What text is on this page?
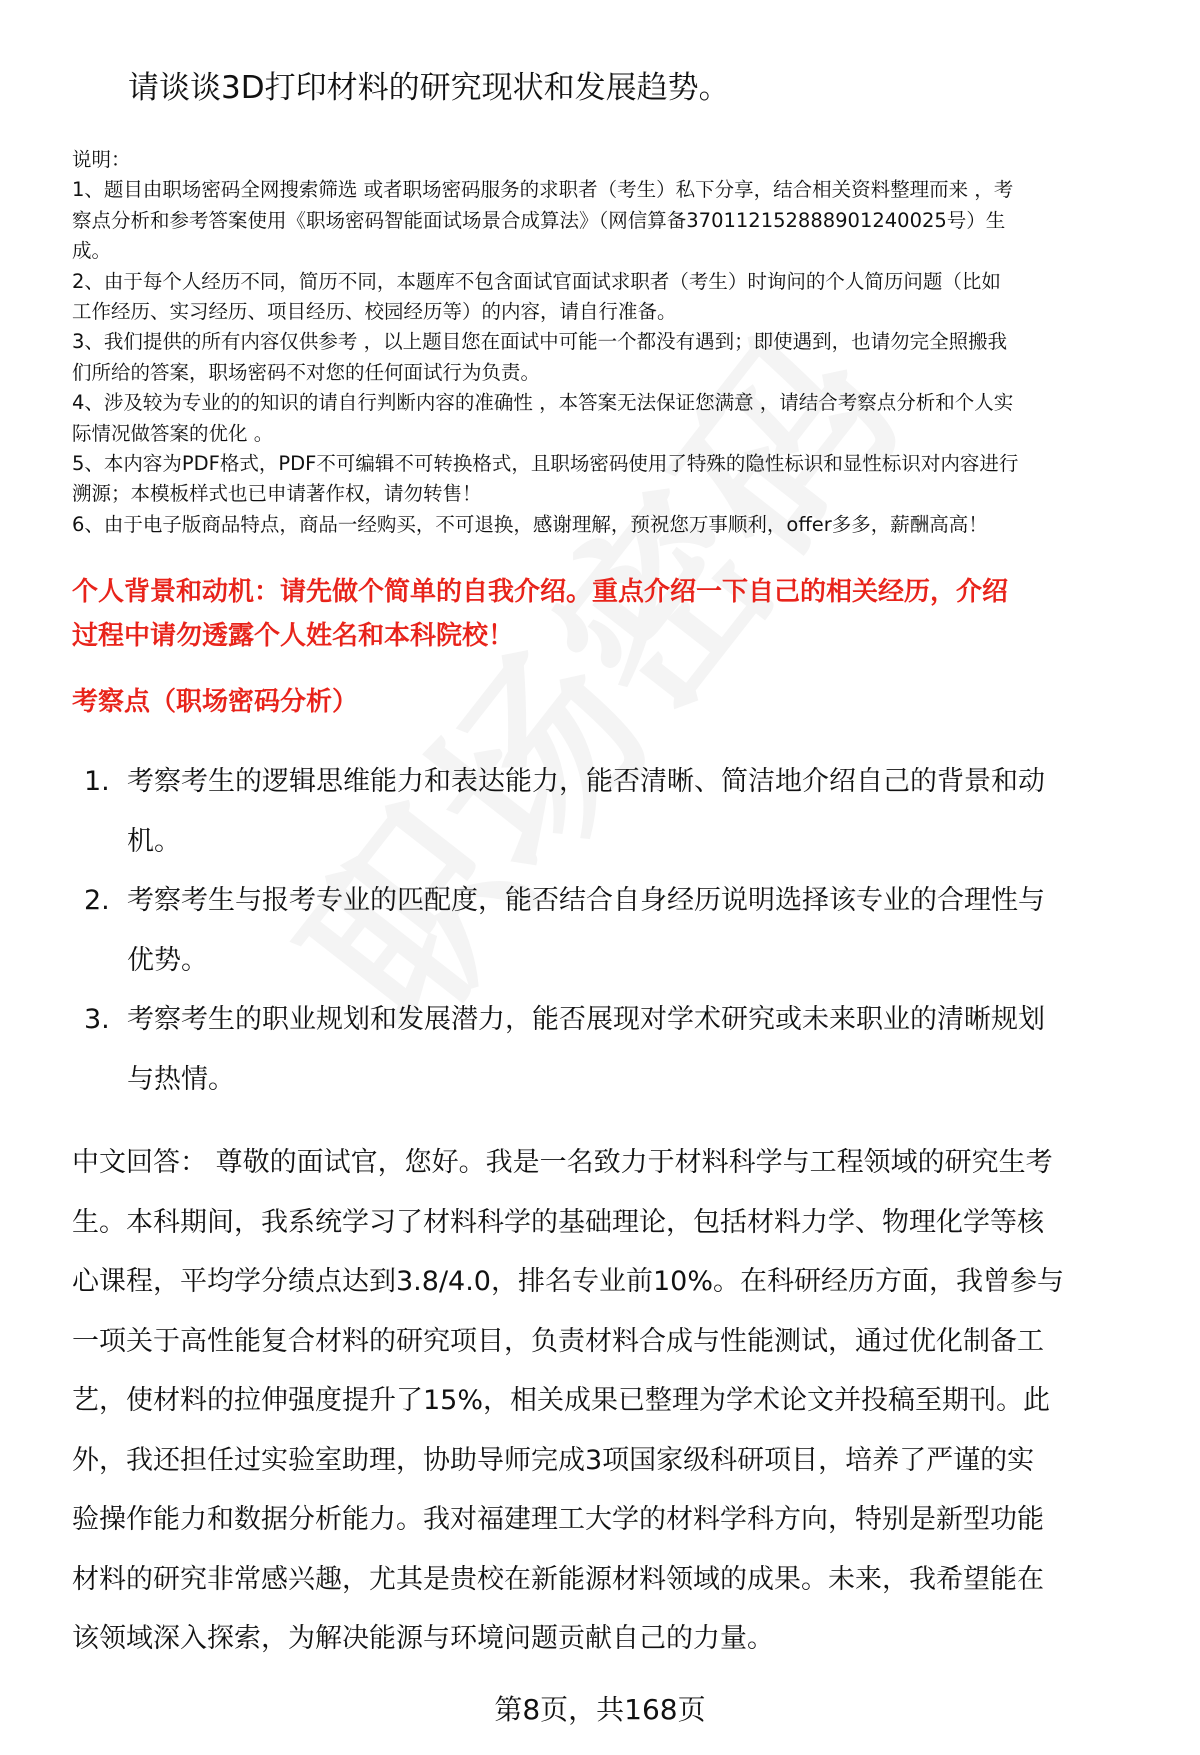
请谈谈3D打印材料的研究现状和发展趋势。
说明：
1、题目由职场密码全网搜索筛选 或者职场密码服务的求职者（考生）私下分享，结合相关资料整理而来 ，考
察点分析和参考答案使用《职场密码智能面试场景合成算法》（网信算备370112152888901240025号）生
成。
2、由于每个人经历不同，简历不同，本题库不包含面试官面试求职者（考生）时询问的个人简历问题（比如
工作经历、实习经历、项目经历、校园经历等）的内容，请自行准备。
3、我们提供的所有内容仅供参考 ，以上题目您在面试中可能一个都没有遇到；即使遇到，也请勿完全照搬我
们所给的答案，职场密码不对您的任何面试行为负责。
4、涉及较为专业的的知识的请自行判断内容的准确性 ，本答案无法保证您满意 ，请结合考察点分析和个人实
际情况做答案的优化 。
5、本内容为PDF格式，PDF不可编辑不可转换格式，且职场密码使用了特殊的隐性标识和显性标识对内容进行
溯源；本模板样式也已申请著作权，请勿转售！
6、由于电子版商品特点，商品一经购买，不可退换，感谢理解，预祝您万事顺利，offer多多，薪酬高高！
个人背景和动机：请先做个简单的自我介绍。重点介绍一下自己的相关经历，介绍
过程中请勿透露个人姓名和本科院校！
考察点（职场密码分析）
1. 考察考生的逻辑思维能力和表达能力，能否清晰、简洁地介绍自己的背景和动
机。
2. 考察考生与报考专业的匹配度，能否结合自身经历说明选择该专业的合理性与
优势。
3. 考察考生的职业规划和发展潜力，能否展现对学术研究或未来职业的清晰规划
与热情。
中文回答： 尊敬的面试官，您好。我是一名致力于材料科学与工程领域的研究生考
生。本科期间，我系统学习了材料科学的基础理论，包括材料力学、物理化学等核
心课程，平均学分绩点达到3.8/4.0，排名专业前10%。在科研经历方面，我曾参与
一项关于高性能复合材料的研究项目，负责材料合成与性能测试，通过优化制备工
艺，使材料的拉伸强度提升了15%，相关成果已整理为学术论文并投稿至期刊。此
外，我还担任过实验室助理，协助导师完成3项国家级科研项目，培养了严谨的实
验操作能力和数据分析能力。我对福建理工大学的材料学科方向，特别是新型功能
材料的研究非常感兴趣，尤其是贵校在新能源材料领域的成果。未来，我希望能在
该领域深入探索，为解决能源与环境问题贡献自己的力量。
第8页，共168页
